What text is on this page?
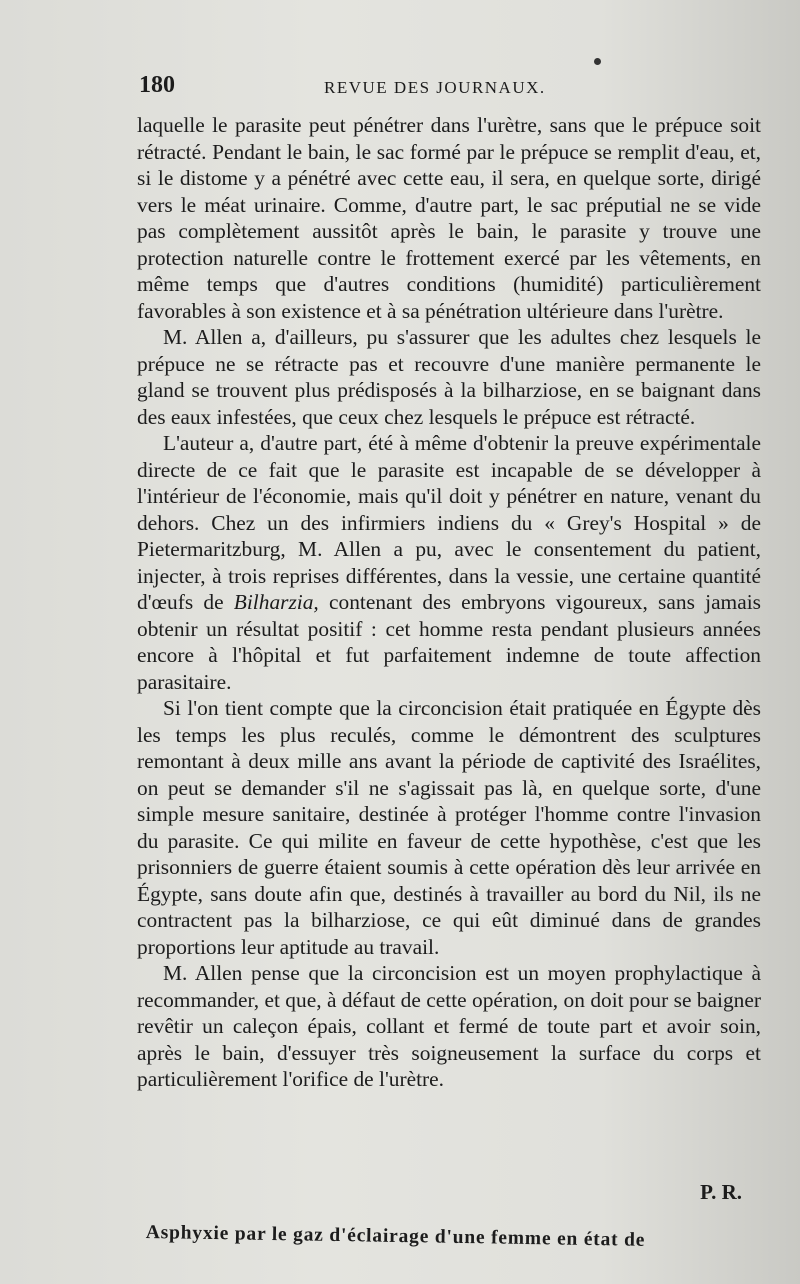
180	REVUE DES JOURNAUX.

laquelle le parasite peut pénétrer dans l'urètre, sans que le prépuce soit rétracté. Pendant le bain, le sac formé par le prépuce se remplit d'eau, et, si le distome y a pénétré avec cette eau, il sera, en quelque sorte, dirigé vers le méat urinaire. Comme, d'autre part, le sac préputial ne se vide pas complètement aussitôt après le bain, le parasite y trouve une protection naturelle contre le frottement exercé par les vêtements, en même temps que d'autres conditions (humidité) particulièrement favorables à son existence et à sa pénétration ultérieure dans l'urètre.

M. Allen a, d'ailleurs, pu s'assurer que les adultes chez lesquels le prépuce ne se rétracte pas et recouvre d'une manière permanente le gland se trouvent plus prédisposés à la bilharziose, en se baignant dans des eaux infestées, que ceux chez lesquels le prépuce est rétracté.

L'auteur a, d'autre part, été à même d'obtenir la preuve expérimentale directe de ce fait que le parasite est incapable de se développer à l'intérieur de l'économie, mais qu'il doit y pénétrer en nature, venant du dehors. Chez un des infirmiers indiens du « Grey's Hospital » de Pietermaritzburg, M. Allen a pu, avec le consentement du patient, injecter, à trois reprises différentes, dans la vessie, une certaine quantité d'œufs de Bilharzia, contenant des embryons vigoureux, sans jamais obtenir un résultat positif : cet homme resta pendant plusieurs années encore à l'hôpital et fut parfaitement indemne de toute affection parasitaire.

Si l'on tient compte que la circoncision était pratiquée en Égypte dès les temps les plus reculés, comme le démontrent des sculptures remontant à deux mille ans avant la période de captivité des Israélites, on peut se demander s'il ne s'agissait pas là, en quelque sorte, d'une simple mesure sanitaire, destinée à protéger l'homme contre l'invasion du parasite. Ce qui milite en faveur de cette hypothèse, c'est que les prisonniers de guerre étaient soumis à cette opération dès leur arrivée en Égypte, sans doute afin que, destinés à travailler au bord du Nil, ils ne contractent pas la bilharziose, ce qui eût diminué dans de grandes proportions leur aptitude au travail.

M. Allen pense que la circoncision est un moyen prophylactique à recommander, et que, à défaut de cette opération, on doit pour se baigner revêtir un caleçon épais, collant et fermé de toute part et avoir soin, après le bain, d'essuyer très soigneusement la surface du corps et particulièrement l'orifice de l'urètre.

P. R.
Asphyxie par le gaz d'éclairage d'une femme en état de
